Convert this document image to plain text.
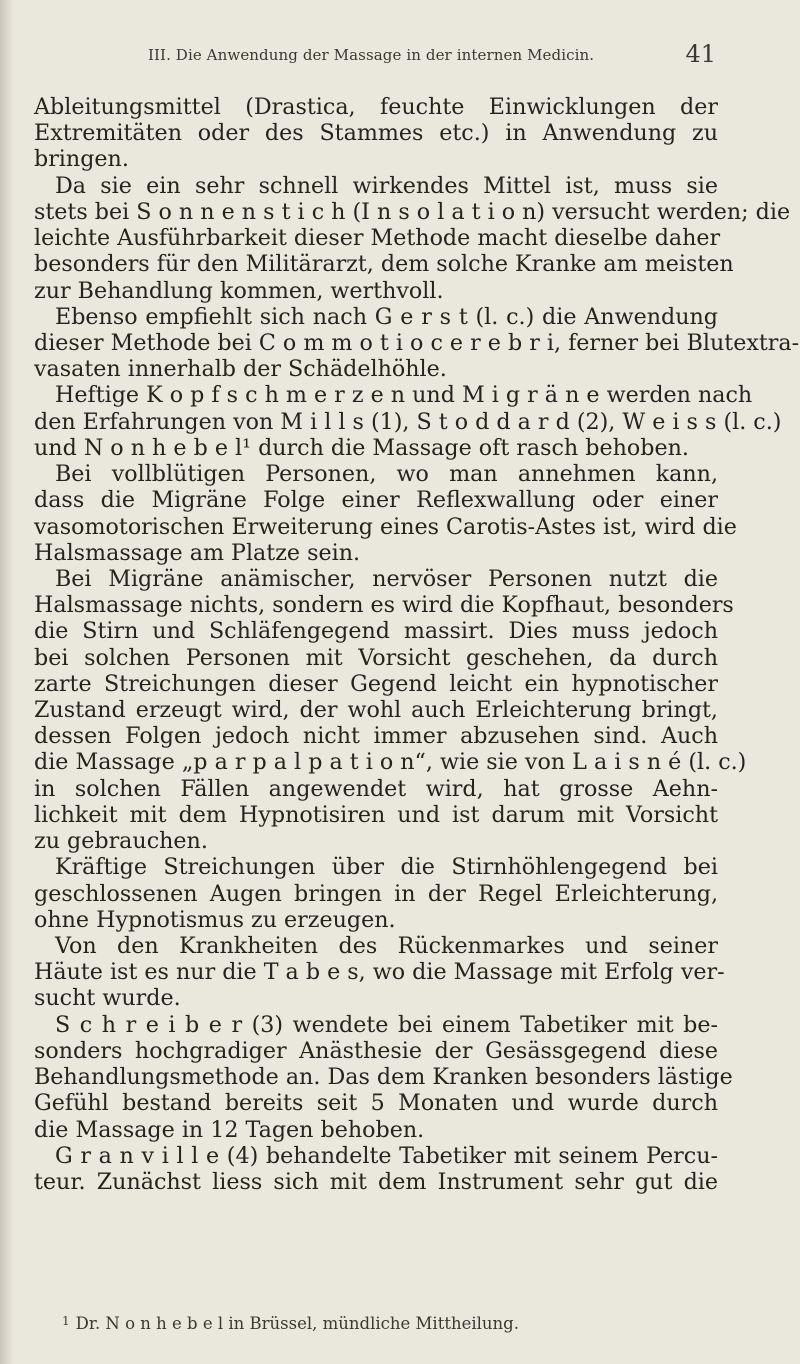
III. Die Anwendung der Massage in der internen Medicin.	41
Ableitungsmittel (Drastica, feuchte Einwicklungen der
Extremitäten oder des Stammes etc.) in Anwendung zu
bringen.
Da sie ein sehr schnell wirkendes Mittel ist, muss sie
stets bei S o n n e n s t i c h (I n s o l a t i o n) versucht werden; die
leichte Ausführbarkeit dieser Methode macht dieselbe daher
besonders für den Militärarzt, dem solche Kranke am meisten
zur Behandlung kommen, werthvoll.
Ebenso empfiehlt sich nach G e r s t (l. c.) die Anwendung
dieser Methode bei C o m m o t i o c e r e b r i, ferner bei Blutextra-
vasaten innerhalb der Schädelhöhle.
Heftige K o p f s c h m e r z e n und M i g r ä n e werden nach
den Erfahrungen von M i l l s (1), S t o d d a r d (2), W e i s s (l. c.)
und N o n h e b e l¹ durch die Massage oft rasch behoben.
Bei vollblütigen Personen, wo man annehmen kann,
dass die Migräne Folge einer Reflexwallung oder einer
vasomotorischen Erweiterung eines Carotis-Astes ist, wird die
Halsmassage am Platze sein.
Bei Migräne anämischer, nervöser Personen nutzt die
Halsmassage nichts, sondern es wird die Kopfhaut, besonders
die Stirn und Schläfengegend massirt. Dies muss jedoch
bei solchen Personen mit Vorsicht geschehen, da durch
zarte Streichungen dieser Gegend leicht ein hypnotischer
Zustand erzeugt wird, der wohl auch Erleichterung bringt,
dessen Folgen jedoch nicht immer abzusehen sind. Auch
die Massage „p a r p a l p a t i o n“, wie sie von L a i s n é (l. c.)
in solchen Fällen angewendet wird, hat grosse Aehn-
lichkeit mit dem Hypnotisiren und ist darum mit Vorsicht
zu gebrauchen.
Kräftige Streichungen über die Stirnhöhlengegend bei
geschlossenen Augen bringen in der Regel Erleichterung,
ohne Hypnotismus zu erzeugen.
Von den Krankheiten des Rückenmarkes und seiner
Häute ist es nur die T a b e s, wo die Massage mit Erfolg ver-
sucht wurde.
S c h r e i b e r (3) wendete bei einem Tabetiker mit be-
sonders hochgradiger Anästhesie der Gesässgegend diese
Behandlungsmethode an. Das dem Kranken besonders lästige
Gefühl bestand bereits seit 5 Monaten und wurde durch
die Massage in 12 Tagen behoben.
G r a n v i l l e (4) behandelte Tabetiker mit seinem Percu-
teur. Zunächst liess sich mit dem Instrument sehr gut die
$^1$ Dr. N o n h e b e l in Brüssel, mündliche Mittheilung.
